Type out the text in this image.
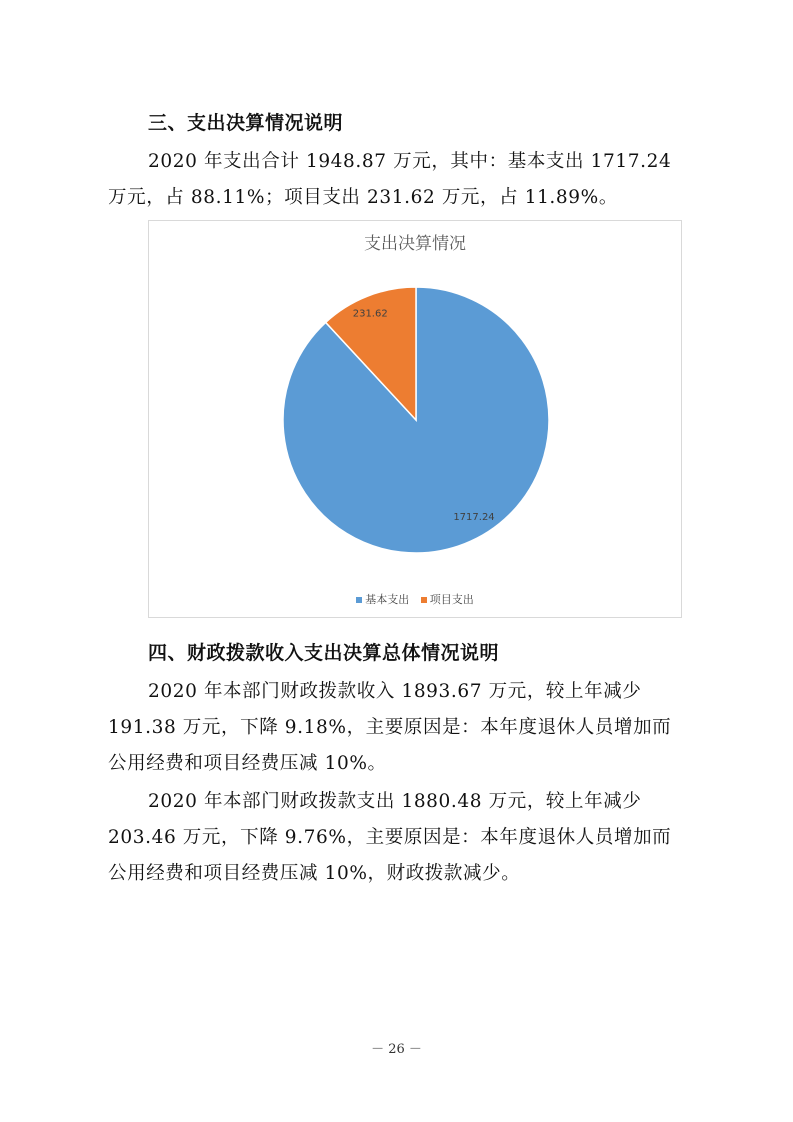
三、支出决算情况说明
2020 年支出合计 1948.87 万元，其中：基本支出 1717.24
万元，占 88.11%；项目支出 231.62 万元，占 11.89%。
支出决算情况
1717.24
231.62
基本支出 项目支出
四、财政拨款收入支出决算总体情况说明
2020 年本部门财政拨款收入 1893.67 万元，较上年减少
191.38 万元，下降 9.18%，主要原因是：本年度退休人员增加而
公用经费和项目经费压减 10%。
2020 年本部门财政拨款支出 1880.48 万元，较上年减少
203.46 万元，下降 9.76%，主要原因是：本年度退休人员增加而
公用经费和项目经费压减 10%，财政拨款减少。
－ 26 －
